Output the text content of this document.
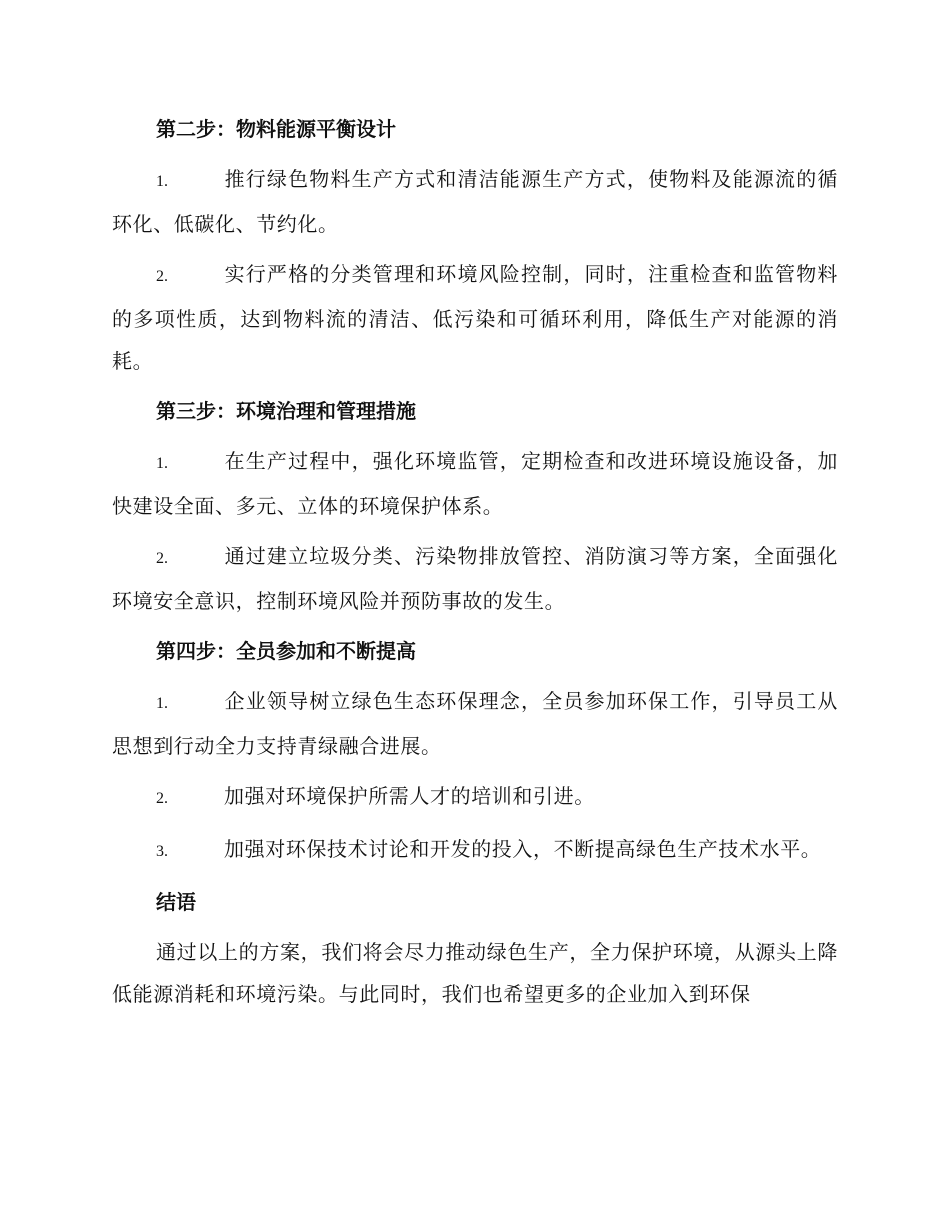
第二步：物料能源平衡设计

1.	推行绿色物料生产方式和清洁能源生产方式，使物料及能源流的循环化、低碳化、节约化。

2.	实行严格的分类管理和环境风险控制，同时，注重检查和监管物料的多项性质，达到物料流的清洁、低污染和可循环利用，降低生产对能源的消耗。

第三步：环境治理和管理措施

1.	在生产过程中，强化环境监管，定期检查和改进环境设施设备，加快建设全面、多元、立体的环境保护体系。

2.	通过建立垃圾分类、污染物排放管控、消防演习等方案，全面强化环境安全意识，控制环境风险并预防事故的发生。

第四步：全员参加和不断提高

1.	企业领导树立绿色生态环保理念，全员参加环保工作，引导员工从思想到行动全力支持青绿融合进展。

2.	加强对环境保护所需人才的培训和引进。

3.	加强对环保技术讨论和开发的投入，不断提高绿色生产技术水平。

结语

通过以上的方案，我们将会尽力推动绿色生产，全力保护环境，从源头上降低能源消耗和环境污染。与此同时，我们也希望更多的企业加入到环保
